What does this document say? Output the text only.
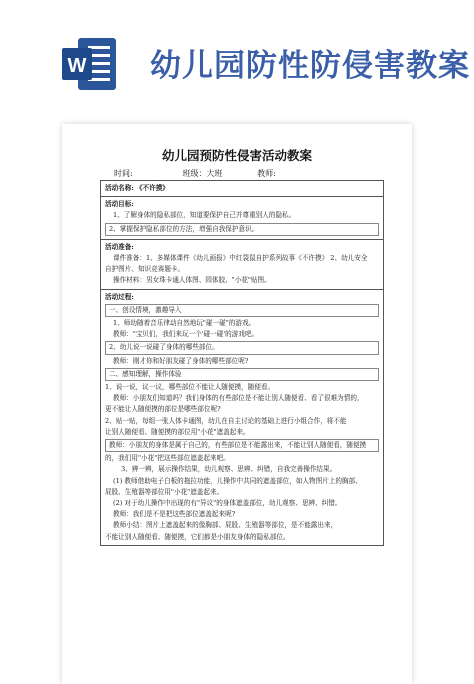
W 幼儿园防性防侵害教案
幼儿园预防性侵害活动教案
时间:	班级：大班	教师:
活动名称: 《不许摸》

活动目标:

1、了解身体的隐私部位，知道要保护自己并尊重别人的隐私。

2、掌握保护隐私部位的方法，增强自我保护意识。

活动准备:

课件准备：1、多媒体课件《幼儿画报》中红袋鼠自护系列故事《不许摸》 2、幼儿安全

自护图片、知识竞赛题卡。

操作材料：男女珠卡通人体图、园体胶、"小花"贴图。

活动过程:

一、创设情境，激趣导入

1、师幼随着音乐律动自然地玩"碰一碰"的游戏。

教师："宝贝们，我们来玩一个'碰一碰'的游戏吧。

2、幼儿说一说碰了身体的哪些部位。

教师：刚才你和好朋友碰了身体的哪些部位呢?

二、感知理解，操作体验

1、说一说，议一议，哪些部位不能让人随便摸，随便看。

教师：小朋友们知道吗？我们身体的有些部位是不能让别人随便看、看了很难为情的，

更不能让人随便摸的部位是哪些部位呢?

2、贴一贴，每组一张人体卡通图，幼儿在自主讨论的基础上进行小组合作，将不能

让别人随便看、随便摸的部位用"小花"遮盖起来。

教师：小朋友的身体是属于自己的，有些部位是不能露出来，不能让别人随便看，随便摸

的，我们用"小花"把这些部位遮盖起来吧。

3、辨一辨，展示操作结果，幼儿观察、思辨、纠错，自我完善操作结果。

(1) 教师借助电子白板的拖拉功能，儿操作中共同的遮盖部位，如人物图片上的胸部、

屁股、生殖器等部位用"小花"遮盖起来。

(2) 对于幼儿操作中出现的有"异议"的身体遮盖部位，幼儿观察、思辨、纠错。

教师：我们是不是把这些部位遮盖起来呢?

教师小结：图片上遮盖起来的像胸部、屁股、生殖器等部位，是不能露出来，

不能让别人随便看、随便摸，它们都是小朋友身体的隐私部位。
